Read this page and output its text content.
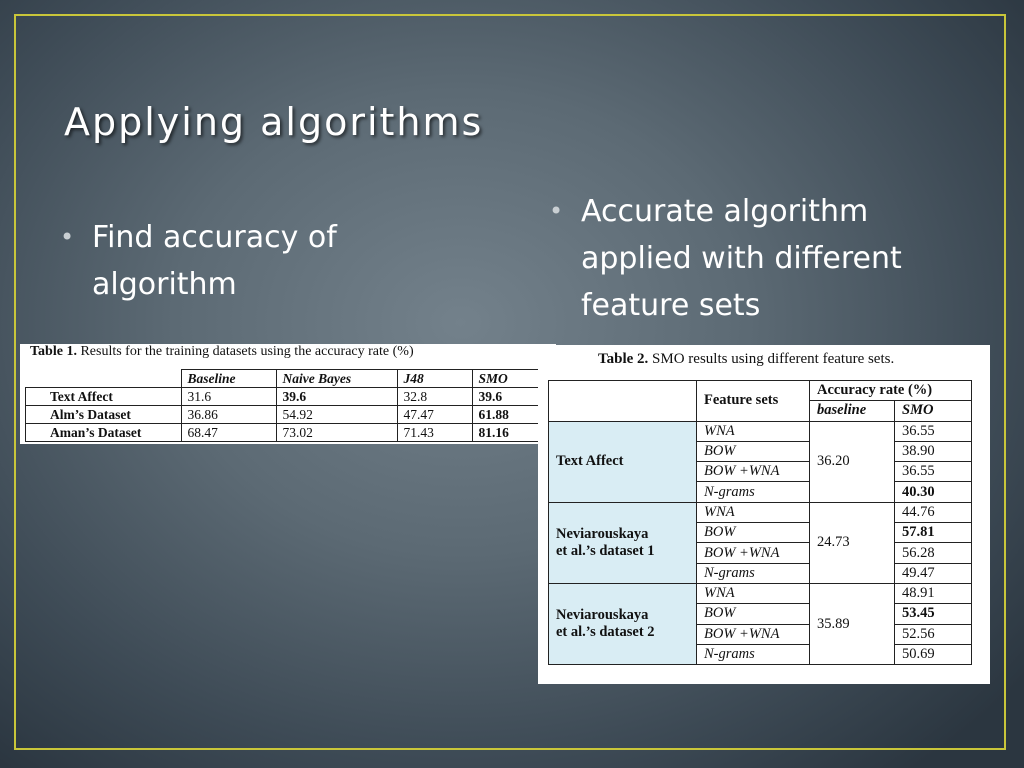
Applying algorithms
•
Find accuracy of
algorithm
•
Accurate algorithm
applied with different
feature sets
Table 1. Results for the training datasets using the accuracy rate (%)
	Baseline	Naive Bayes	J48	SMO
Text Affect	31.6	39.6	32.8	39.6
Alm’s Dataset	36.86	54.92	47.47	61.88
Aman’s Dataset	68.47	73.02	71.43	81.16
Table 2. SMO results using different feature sets.
	Feature sets	Accuracy rate (%)	
		baseline	SMO
Text Affect	WNA	36.20	36.55
	BOW		38.90
	BOW +WNA		36.55
	N-grams		40.30
Neviarouskaya
et al.’s dataset 1	WNA	24.73	44.76
	BOW		57.81
	BOW +WNA		56.28
	N-grams		49.47
Neviarouskaya
et al.’s dataset 2	WNA	35.89	48.91
	BOW		53.45
	BOW +WNA		52.56
	N-grams		50.69
